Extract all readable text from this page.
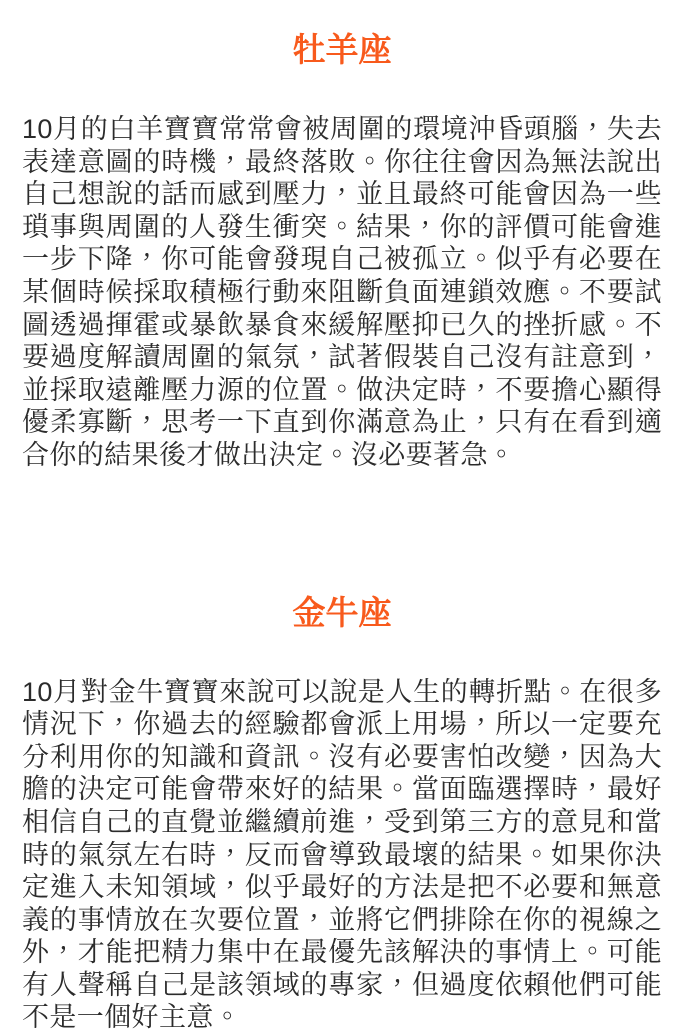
牡羊座

10月的白羊寶寶常常會被周圍的環境沖昏頭腦，失去表達意圖的時機，最終落敗。你往往會因為無法說出自己想說的話而感到壓力，並且最終可能會因為一些瑣事與周圍的人發生衝突。結果，你的評價可能會進一步下降，你可能會發現自己被孤立。似乎有必要在某個時候採取積極行動來阻斷負面連鎖效應。不要試圖透過揮霍或暴飲暴食來緩解壓抑已久的挫折感。不要過度解讀周圍的氣氛，試著假裝自己沒有註意到，並採取遠離壓力源的位置。做決定時，不要擔心顯得優柔寡斷，思考一下直到你滿意為止，只有在看到適合你的結果後才做出決定。沒必要著急。

金牛座

10月對金牛寶寶來說可以說是人生的轉折點。在很多情況下，你過去的經驗都會派上用場，所以一定要充分利用你的知識和資訊。沒有必要害怕改變，因為大膽的決定可能會帶來好的結果。當面臨選擇時，最好相信自己的直覺並繼續前進，受到第三方的意見和當時的氣氛左右時，反而會導致最壞的結果。如果你決定進入未知領域，似乎最好的方法是把不必要和無意義的事情放在次要位置，並將它們排除在你的視線之外，才能把精力集中在最優先該解決的事情上。可能有人聲稱自己是該領域的專家，但過度依賴他們可能不是一個好主意。
